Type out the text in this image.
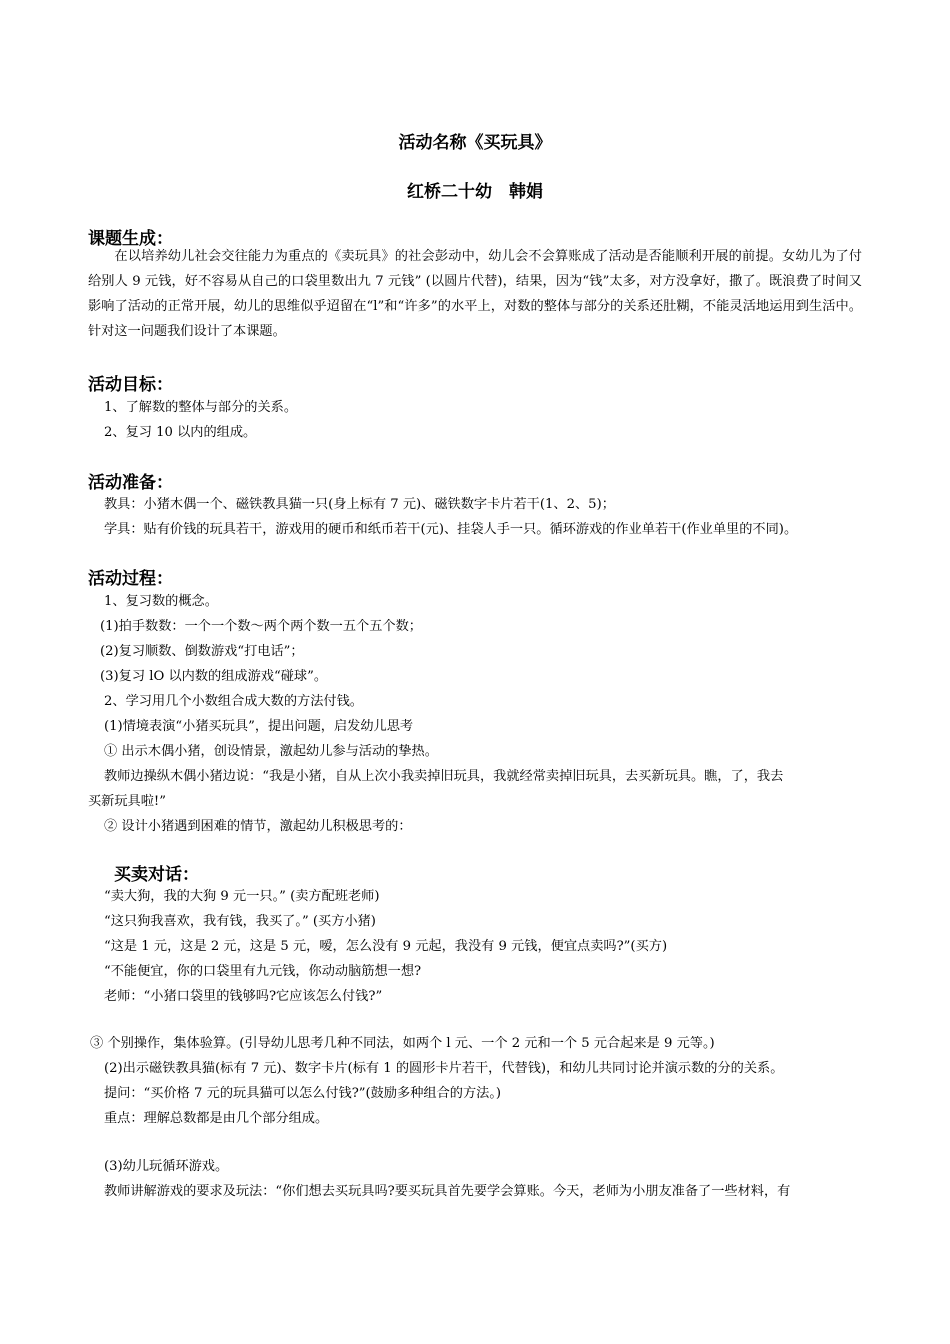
活动名称《买玩具》
红桥二十幼　韩娟
课题生成：

在以培养幼儿社会交往能力为重点的《卖玩具》的社会彭动中，幼儿会不会算账成了活动是否能顺利开展的前提。女幼儿为了付给别人 9 元钱，好不容易从自己的口袋里数出九 7 元钱” (以圆片代替)，结果，因为“钱”太多，对方没拿好，撒了。既浪费了时间又影响了活动的正常开展，幼儿的思维似乎迢留在“l”和“许多”的水平上，对数的整体与部分的关系还肚糊，不能灵活地运用到生活中。针对这一问题我们设计了本课题。

活动目标：
1、了解数的整体与部分的关系。
2、复习 10 以内的组成。
活动准备：
教具：小猪木偶一个、磁铁教具猫一只(身上标有 7 元)、磁铁数字卡片若干(1、2、5)；
学具：贴有价钱的玩具若干，游戏用的硬币和纸币若干(元)、挂袋人手一只。循环游戏的作业单若干(作业单里的不同)。
活动过程：
1、复习数的概念。
(1)拍手数数：一个一个数～两个两个数一五个五个数；
(2)复习顺数、倒数游戏“打电话”；
(3)复习 lO 以内数的组成游戏“碰球”。
2、学习用几个小数组合成大数的方法付钱。
(1)情境表演“小猪买玩具”，提出问题，启发幼儿思考
① 出示木偶小猪，创设情景，激起幼儿参与活动的挚热。
教师边操纵木偶小猪边说：“我是小猪，自从上次小我卖掉旧玩具，我就经常卖掉旧玩具，去买新玩具。瞧，了，我去
买新玩具啦!”
② 设计小猪遇到困难的情节，激起幼儿积极思考的：
买卖对话：
“卖大狗，我的大狗 9 元一只。” (卖方配班老师)
“这只狗我喜欢，我有钱，我买了。” (买方小猪)
“这是 1 元，这是 2 元，这是 5 元，嗳，怎么没有 9 元起，我没有 9 元钱，便宜点卖吗?”(买方)
“不能便宜，你的口袋里有九元钱，你动动脑筋想一想?
老师：“小猪口袋里的钱够吗?它应该怎么付钱?”
③ 个别操作，集体验算。(引导幼儿思考几种不同法，如两个 l 元、一个 2 元和一个 5 元合起来是 9 元等。)
(2)出示磁铁教具猫(标有 7 元)、数字卡片(标有 1 的圆形卡片若干，代替钱)，和幼儿共同讨论并演示数的分的关系。
提问：“买价格 7 元的玩具猫可以怎么付钱?”(鼓励多种组合的方法。)
重点：理解总数都是由几个部分组成。
(3)幼儿玩循环游戏。
教师讲解游戏的要求及玩法：“你们想去买玩具吗?要买玩具首先要学会算账。今天，老师为小朋友准备了一些材料，有
